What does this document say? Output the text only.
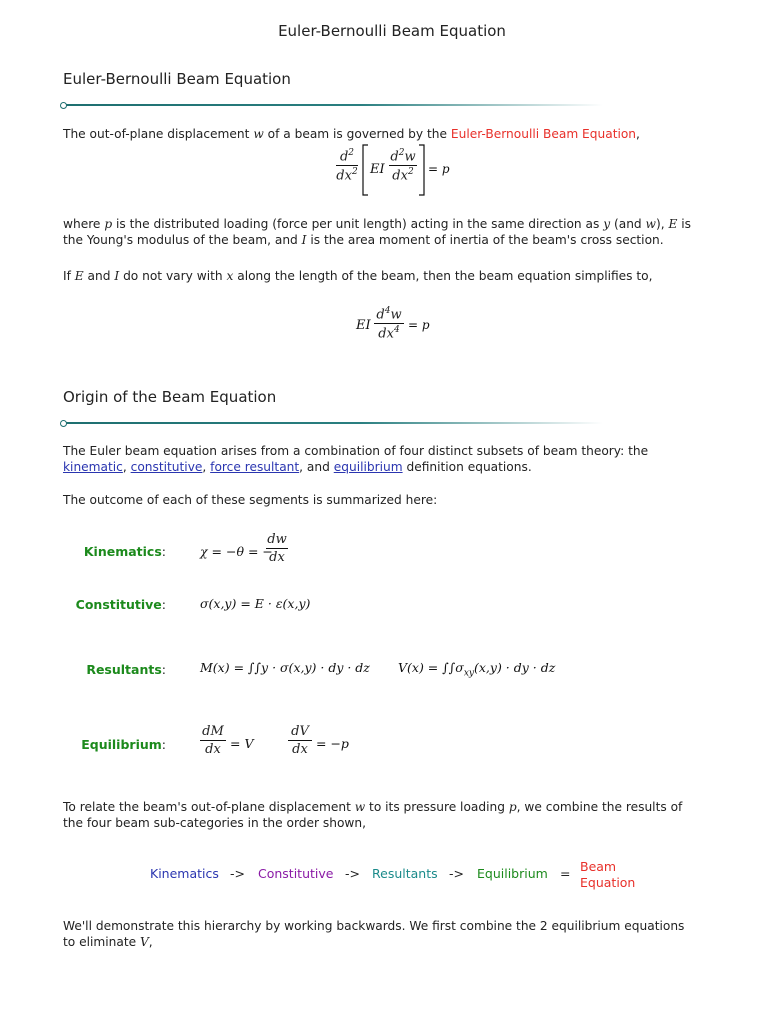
Euler-Bernoulli Beam Equation
Euler-Bernoulli Beam Equation
The out-of-plane displacement w of a beam is governed by the Euler-Bernoulli Beam Equation,
$d^2$
$dx^2$ EI
$d^2w$
$dx^2 = p$
where p is the distributed loading (force per unit length) acting in the same direction as y (and w), E is
the Young's modulus of the beam, and I is the area moment of inertia of the beam's cross section.
If E and I do not vary with x along the length of the beam, then the beam equation simplifies to,
EI
$d^4w$
$dx^4 = p$
Origin of the Beam Equation
The Euler beam equation arises from a combination of four distinct subsets of beam theory: the
kinematic, constitutive, force resultant, and equilibrium definition equations.
The outcome of each of these segments is summarized here:
Kinematics:	χ = −θ = −
dw
dx
Constitutive:	σ(x,y) = E · ε(x,y)
Resultants:	M(x) = ∫∫y · σ(x,y) · dy · dz $V(x) = \int\int\sigma_{xy}(x,y)$ · dy · dz
Equilibrium:
dM
dx = V
dV
dx = −p
To relate the beam's out-of-plane displacement w to its pressure loading p, we combine the results of
the four beam sub-categories in the order shown,
Kinematics -> Constitutive -> Resultants -> Equilibrium = Beam
Equation
We'll demonstrate this hierarchy by working backwards. We first combine the 2 equilibrium equations
to eliminate V,
